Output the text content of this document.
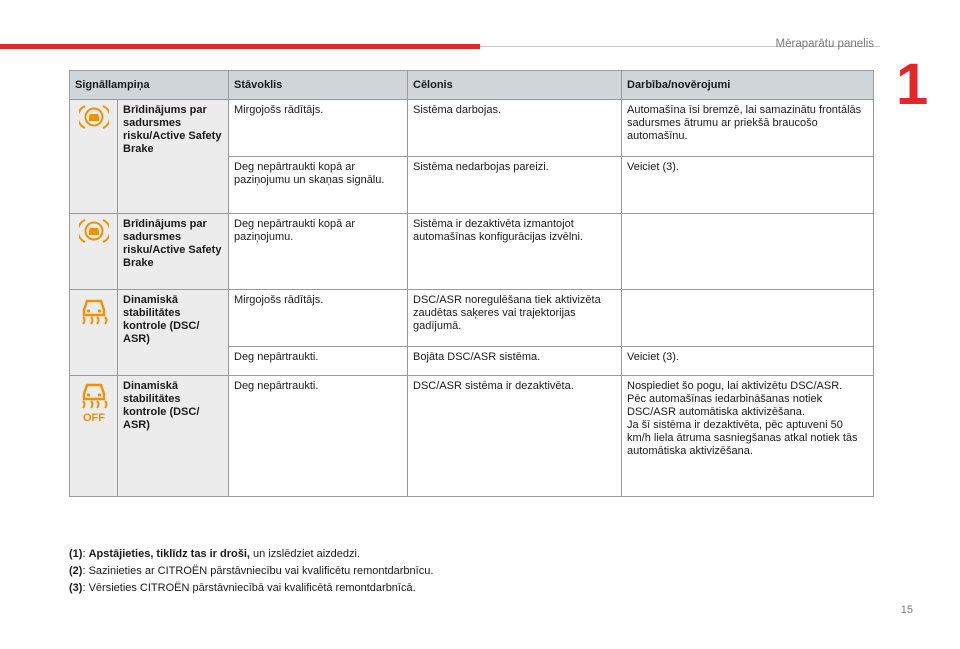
Mēraparātu panelis
1
Signāllampiņa		Stāvoklis	Cēlonis	Darbība/novērojumi
	Brīdinājums par sadursmes risku/Active Safety Brake	Mirgojošs rādītājs.	Sistēma darbojas.	Automašīna īsi bremzē, lai samazinātu frontālās sadursmes ātrumu ar priekšā braucošo automašīnu.
		Deg nepārtraukti kopā ar paziņojumu un skaņas signālu.	Sistēma nedarbojas pareizi.	Veiciet (3).
	Brīdinājums par sadursmes risku/Active Safety Brake	Deg nepārtraukti kopā ar paziņojumu.	Sistēma ir dezaktivēta izmantojot automašīnas konfigurācijas izvēlni.	
	Dinamiskā stabilitātes kontrole (DSC/ ASR)	Mirgojošs rādītājs.	DSC/ASR noregulēšana tiek aktivizēta zaudētas saķeres vai trajektorijas gadījumā.	
		Deg nepārtraukti.	Bojāta DSC/ASR sistēma.	Veiciet (3).

OFF	Dinamiskā stabilitātes kontrole (DSC/ ASR)	Deg nepārtraukti.	DSC/ASR sistēma ir dezaktivēta.	Nospiediet šo pogu, lai aktivizētu DSC/ASR.
Pēc automašīnas iedarbināšanas notiek DSC/ASR automātiska aktivizēšana.
Ja šī sistēma ir dezaktivēta, pēc aptuveni 50 km/h liela ātruma sasniegšanas atkal notiek tās automātiska aktivizēšana.
(1): Apstājieties, tiklīdz tas ir droši, un izslēdziet aizdedzi.
(2): Sazinieties ar CITROËN pārstāvniecību vai kvalificētu remontdarbnīcu.
(3): Vērsieties CITROËN pārstāvniecībā vai kvalificētā remontdarbnīcā.
15
